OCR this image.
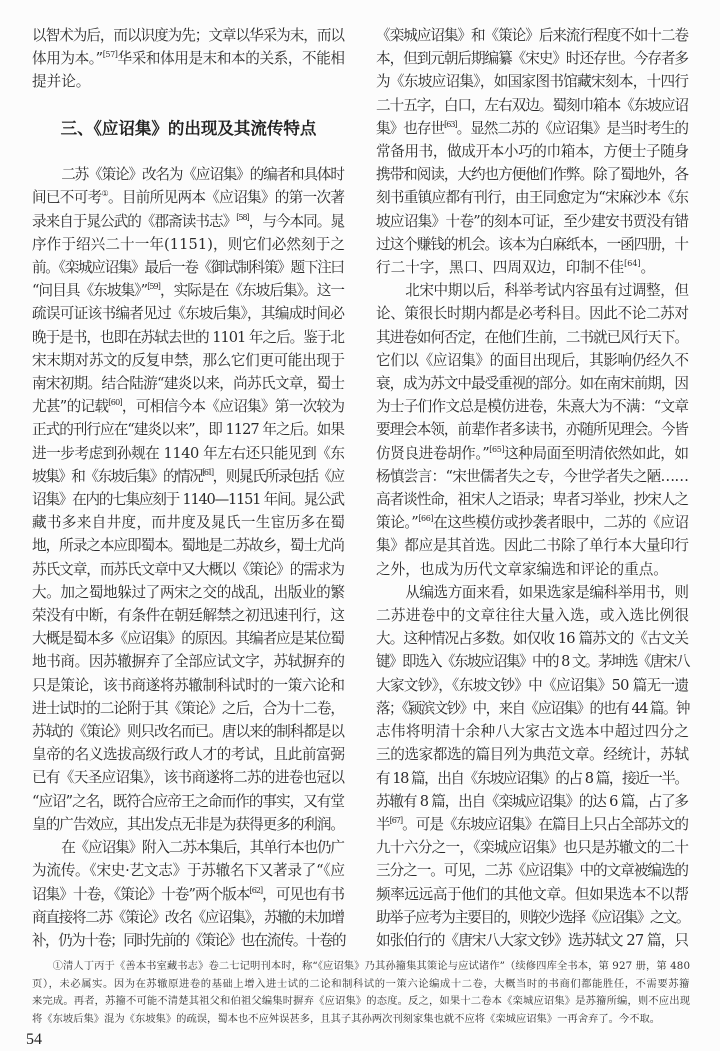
以智术为后，而以识度为先；文章以华采为末，而以
体用为本。”[57]华采和体用是末和本的关系，不能相
提并论。
三、《应诏集》的出现及其流传特点
二苏《策论》改名为《应诏集》的编者和具体时
间已不可考①。目前所见两本《应诏集》的第一次著
录来自于晁公武的《郡斋读书志》[58]，与今本同。晁
序作于绍兴二十一年(1151)，则它们必然刻于之
前。《栾城应诏集》最后一卷《御试制科策》题下注曰
“问目具《东坡集》”[59]，实际是在《东坡后集》。这一
疏误可证该书编者见过《东坡后集》，其编成时间必
晚于是书，也即在苏轼去世的 1101 年之后。鉴于北
宋末期对苏文的反复申禁，那么它们更可能出现于
南宋初期。结合陆游“建炎以来，尚苏氏文章，蜀士
尤甚”的记载[60]，可相信今本《应诏集》第一次较为
正式的刊行应在“建炎以来”，即 1127 年之后。如果
进一步考虑到孙觌在 1140 年左右还只能见到《东
坡集》和《东坡后集》的情况[61]，则晁氏所录包括《应
诏集》在内的七集应刻于 1140—1151 年间。晁公武
藏书多来自井度，而井度及晁氏一生宦历多在蜀
地，所录之本应即蜀本。蜀地是二苏故乡，蜀士尤尚
苏氏文章，而苏氏文章中又大概以《策论》的需求为
大。加之蜀地躲过了两宋之交的战乱，出版业的繁
荣没有中断，有条件在朝廷解禁之初迅速刊行，这
大概是蜀本多《应诏集》的原因。其编者应是某位蜀
地书商。因苏辙摒弃了全部应试文字，苏轼摒弃的
只是策论，该书商遂将苏辙制科试时的一策六论和
进士试时的二论附于其《策论》之后，合为十二卷，
苏轼的《策论》则只改名而已。唐以来的制科都是以
皇帝的名义选拔高级行政人才的考试，且此前富弼
已有《天圣应诏集》，该书商遂将二苏的进卷也冠以
“应诏”之名，既符合应帝王之命而作的事实，又有堂
皇的广告效应，其出发点无非是为获得更多的利润。
在《应诏集》附入二苏本集后，其单行本也仍广
为流传。《宋史·艺文志》于苏辙名下又著录了“《应
诏集》十卷，《策论》十卷”两个版本[62]，可见也有书
商直接将二苏《策论》改名《应诏集》，苏辙的未加增
补，仍为十卷；同时先前的《策论》也在流传。十卷的
《栾城应诏集》和《策论》后来流行程度不如十二卷
本，但到元朝后期编纂《宋史》时还存世。今存者多
为《东坡应诏集》，如国家图书馆藏宋刻本，十四行
二十五字，白口，左右双边。蜀刻巾箱本《东坡应诏
集》也存世[63]。显然二苏的《应诏集》是当时考生的
常备用书，做成开本小巧的巾箱本，方便士子随身
携带和阅读，大约也方便他们作弊。除了蜀地外，各
刻书重镇应都有刊行，由王同愈定为“宋麻沙本《东
坡应诏集》十卷”的刻本可证，至少建安书贾没有错
过这个赚钱的机会。该本为白麻纸本，一函四册，十
行二十字，黑口、四周双边，印制不佳[64]。
北宋中期以后，科举考试内容虽有过调整，但
论、策很长时期内都是必考科目。因此不论二苏对
其进卷如何否定，在他们生前，二书就已风行天下。
它们以《应诏集》的面目出现后，其影响仍经久不
衰，成为苏文中最受重视的部分。如在南宋前期，因
为士子们作文总是模仿进卷，朱熹大为不满：“文章
要理会本领，前辈作者多读书，亦随所见理会。今皆
仿贤良进卷胡作。”[65]这种局面至明清依然如此，如
杨慎尝言：“宋世儒者失之专，今世学者失之陋……
高者谈性命，祖宋人之语录；卑者习举业，抄宋人之
策论。”[66]在这些模仿或抄袭者眼中，二苏的《应诏
集》都应是其首选。因此二书除了单行本大量印行
之外，也成为历代文章家编选和评论的重点。
从编选方面来看，如果选家是编科举用书，则
二苏进卷中的文章往往大量入选，或入选比例很
大。这种情况占多数。如仅收 16 篇苏文的《古文关
键》即选入《东坡应诏集》中的 8 文。茅坤选《唐宋八
大家文钞》，《东坡文钞》中《应诏集》50 篇无一遗
落；《颍滨文钞》中，来自《应诏集》的也有 44 篇。钟
志伟将明清十余种八大家古文选本中超过四分之
三的选家都选的篇目列为典范文章。经统计，苏轼
有 18 篇，出自《东坡应诏集》的占 8 篇，接近一半。
苏辙有 8 篇，出自《栾城应诏集》的达 6 篇，占了多
半[67]。可是《东坡应诏集》在篇目上只占全部苏文的
九十六分之一，《栾城应诏集》也只是苏辙文的二十
三分之一。可见，二苏《应诏集》中的文章被编选的
频率远远高于他们的其他文章。但如果选本不以帮
助举子应考为主要目的，则较少选择《应诏集》之文。
如张伯行的《唐宋八大家文钞》选苏轼文 27 篇，只
①清人丁丙于《善本书室藏书志》卷二七记明刊本时，称“《应诏集》乃其孙籀集其策论与应试诸作”（续修四库全书本，第 927 册，第 480
页），未必属实。因为在苏辙原进卷的基础上增入进士试的二论和制科试的一策六论编成十二卷，大概当时的书商们都能胜任，不需要苏籀
来完成。再者，苏籀不可能不清楚其祖父和伯祖父编集时摒弃《应诏集》的态度。反之，如果十二卷本《栾城应诏集》是苏籀所编，则不应出现
将《东坡后集》混为《东坡集》的疏误，蜀本也不应舛误甚多，且其子其孙两次刊刻家集也就不应将《栾城应诏集》一再舍弃了。今不取。
54
